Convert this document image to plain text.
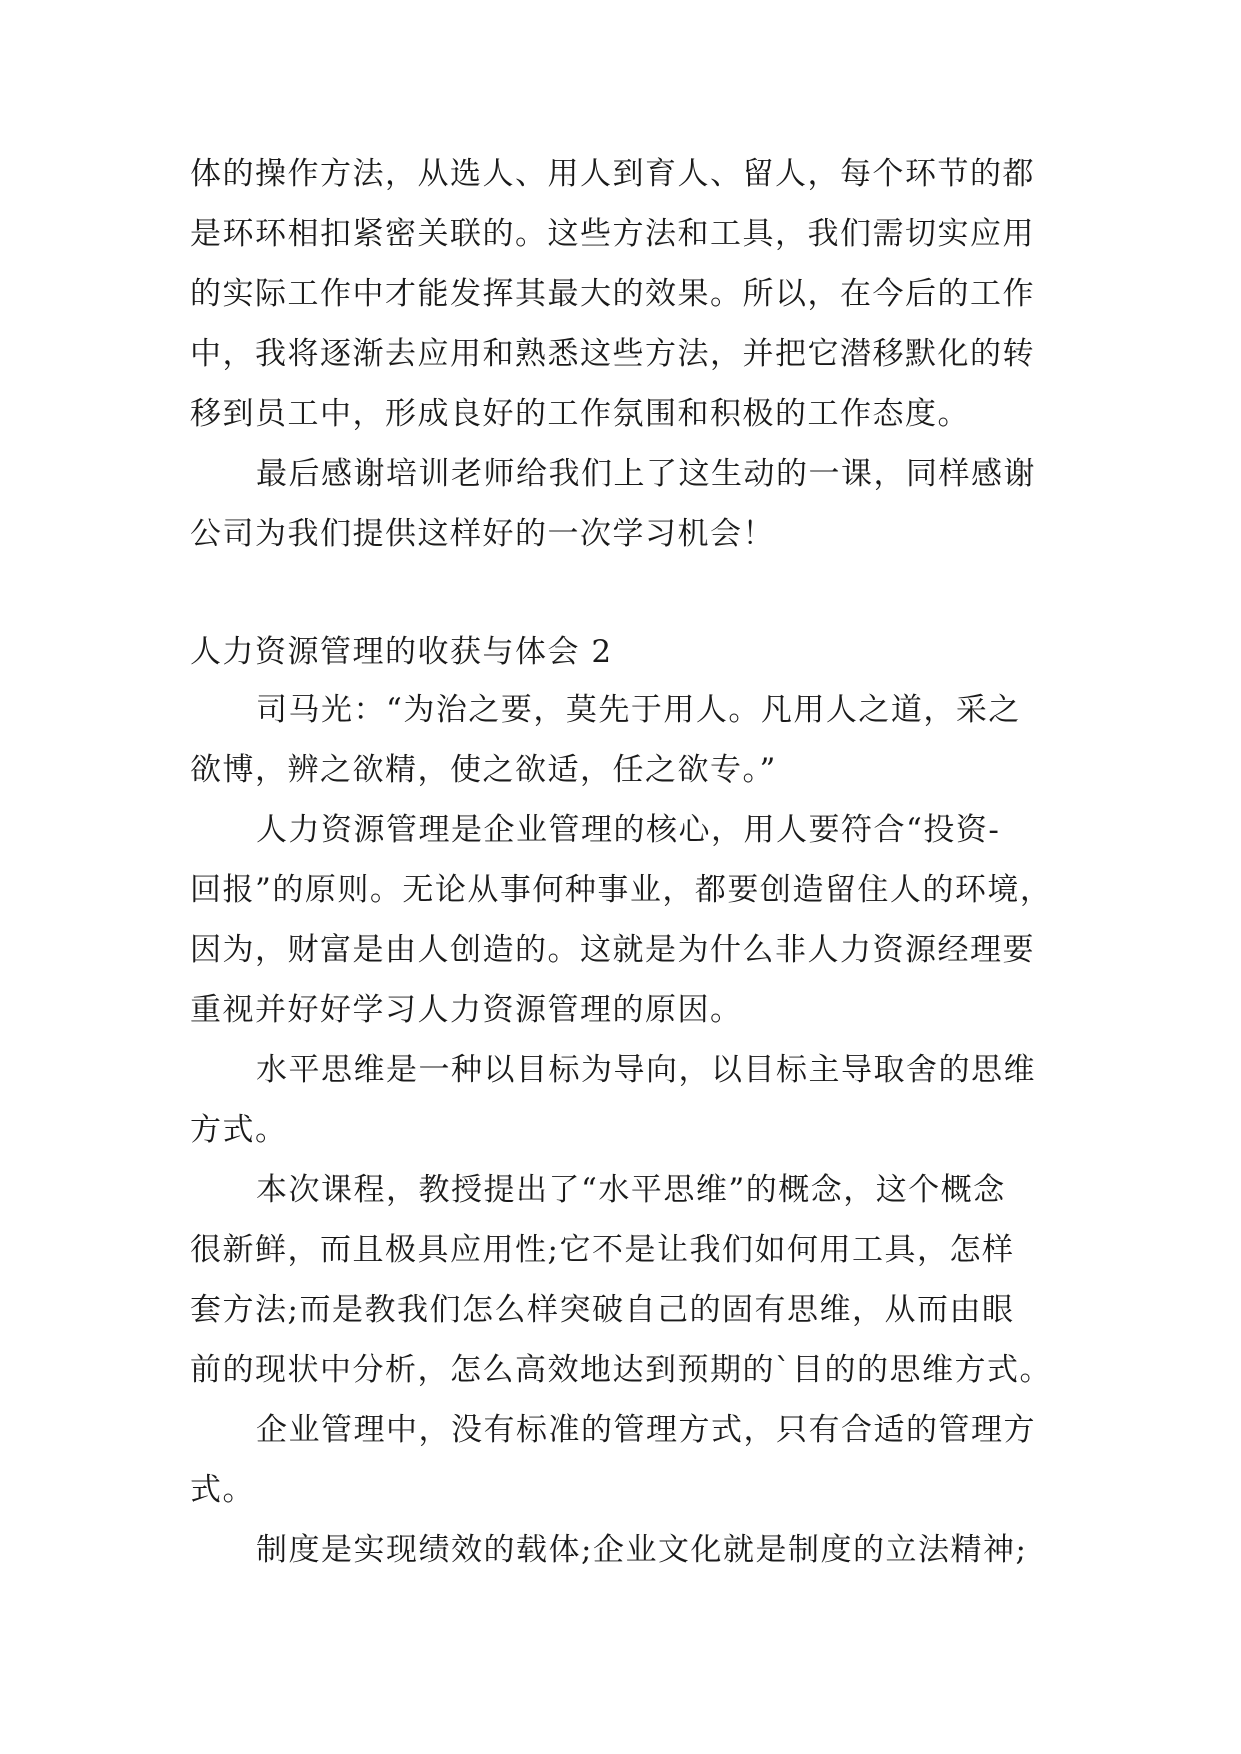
体的操作方法，从选人、用人到育人、留人，每个环节的都
是环环相扣紧密关联的。这些方法和工具，我们需切实应用
的实际工作中才能发挥其最大的效果。所以，在今后的工作
中，我将逐渐去应用和熟悉这些方法，并把它潜移默化的转
移到员工中，形成良好的工作氛围和积极的工作态度。
最后感谢培训老师给我们上了这生动的一课，同样感谢
公司为我们提供这样好的一次学习机会！
人力资源管理的收获与体会 2
司马光：“为治之要，莫先于用人。凡用人之道，采之
欲博，辨之欲精，使之欲适，任之欲专。”
人力资源管理是企业管理的核心，用人要符合“投资-
回报”的原则。无论从事何种事业，都要创造留住人的环境，
因为，财富是由人创造的。这就是为什么非人力资源经理要
重视并好好学习人力资源管理的原因。
水平思维是一种以目标为导向，以目标主导取舍的思维
方式。
本次课程，教授提出了“水平思维”的概念，这个概念
很新鲜，而且极具应用性;它不是让我们如何用工具，怎样
套方法;而是教我们怎么样突破自己的固有思维，从而由眼
前的现状中分析，怎么高效地达到预期的`目的的思维方式。
企业管理中，没有标准的管理方式，只有合适的管理方
式。
制度是实现绩效的载体;企业文化就是制度的立法精神;
